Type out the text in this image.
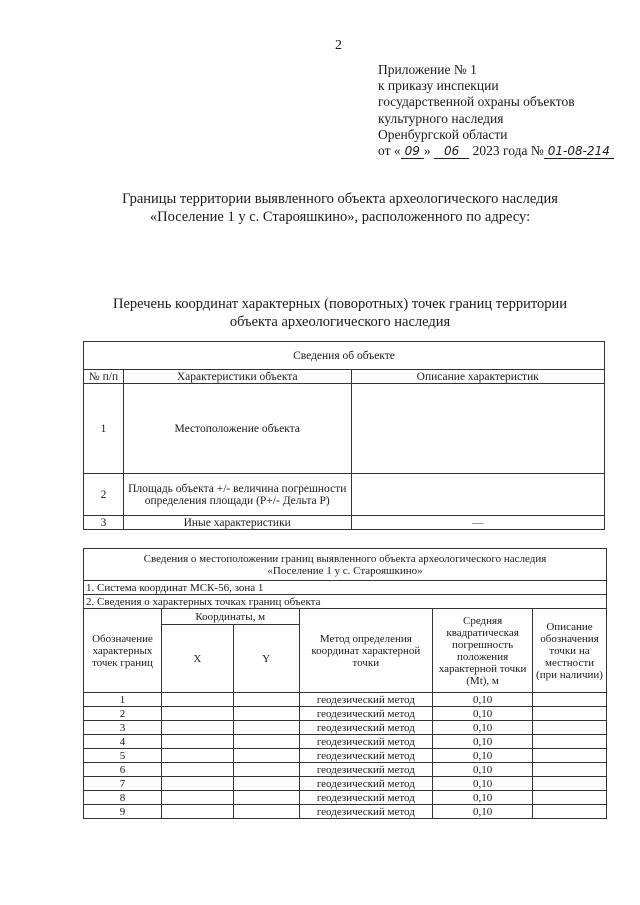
2
Приложение № 1
к приказу инспекции
государственной охраны объектов
культурного наследия
Оренбургской области
от « 09 » 06 2023 года № 01-08-214
Границы территории выявленного объекта археологического наследия
«Поселение 1 у с. Старояшкино», расположенного по адресу:
Перечень координат характерных (поворотных) точек границ территории
объекта археологического наследия
Сведения об объекте		
№ п/п	Характеристики объекта	Описание характеристик
1	Местоположение объекта	
2	Площадь объекта +/- величина погрешности определения площади (Р+/- Дельта Р)	
3	Иные характеристики	—
Сведения о местоположении границ выявленного объекта археологического наследия
«Поселение 1 у с. Старояшкино»					

1. Система координат МСК-56, зона 1					
2. Сведения о характерных точках границ объекта					
Обозначение характерных точек границ	Координаты, м		Метод определения координат характерной точки	Средняя квадратическая погрешность положения характерной точки (Mt), м	Описание обозначения точки на местности (при наличии)
	X	Y			
1			геодезический метод	0,10	
2			геодезический метод	0,10	
3			геодезический метод	0,10	
4			геодезический метод	0,10	
5			геодезический метод	0,10	
6			геодезический метод	0,10	
7			геодезический метод	0,10	
8			геодезический метод	0,10	
9			геодезический метод	0,10	
